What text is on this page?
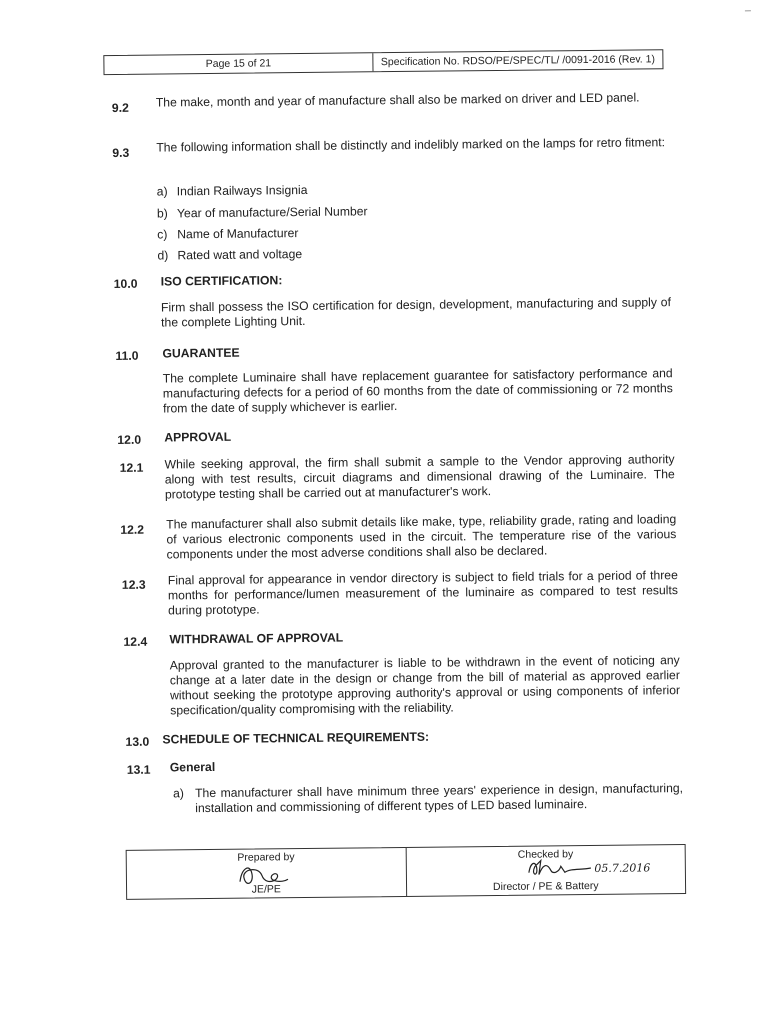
Page 15 of 21	Specification No. RDSO/PE/SPEC/TL/ /0091-2016 (Rev. 1)
9.2 The make, month and year of manufacture shall also be marked on driver and LED panel.
9.3 The following information shall be distinctly and indelibly marked on the lamps for retro fitment:
a) Indian Railways Insignia
b) Year of manufacture/Serial Number
c) Name of Manufacturer
d) Rated watt and voltage
10.0 ISO CERTIFICATION:
Firm shall possess the ISO certification for design, development, manufacturing and supply of the complete Lighting Unit.
11.0 GUARANTEE
The complete Luminaire shall have replacement guarantee for satisfactory performance and manufacturing defects for a period of 60 months from the date of commissioning or 72 months from the date of supply whichever is earlier.
12.0 APPROVAL
12.1 While seeking approval, the firm shall submit a sample to the Vendor approving authority along with test results, circuit diagrams and dimensional drawing of the Luminaire. The prototype testing shall be carried out at manufacturer's work.
12.2 The manufacturer shall also submit details like make, type, reliability grade, rating and loading of various electronic components used in the circuit. The temperature rise of the various components under the most adverse conditions shall also be declared.
12.3 Final approval for appearance in vendor directory is subject to field trials for a period of three months for performance/lumen measurement of the luminaire as compared to test results during prototype.
12.4 WITHDRAWAL OF APPROVAL
Approval granted to the manufacturer is liable to be withdrawn in the event of noticing any change at a later date in the design or change from the bill of material as approved earlier without seeking the prototype approving authority's approval or using components of inferior specification/quality compromising with the reliability.
13.0 SCHEDULE OF TECHNICAL REQUIREMENTS:
13.1 General
a) The manufacturer shall have minimum three years' experience in design, manufacturing, installation and commissioning of different types of LED based luminaire.
Prepared by
JE/PE
Checked by
05.7.2016
Director / PE & Battery
